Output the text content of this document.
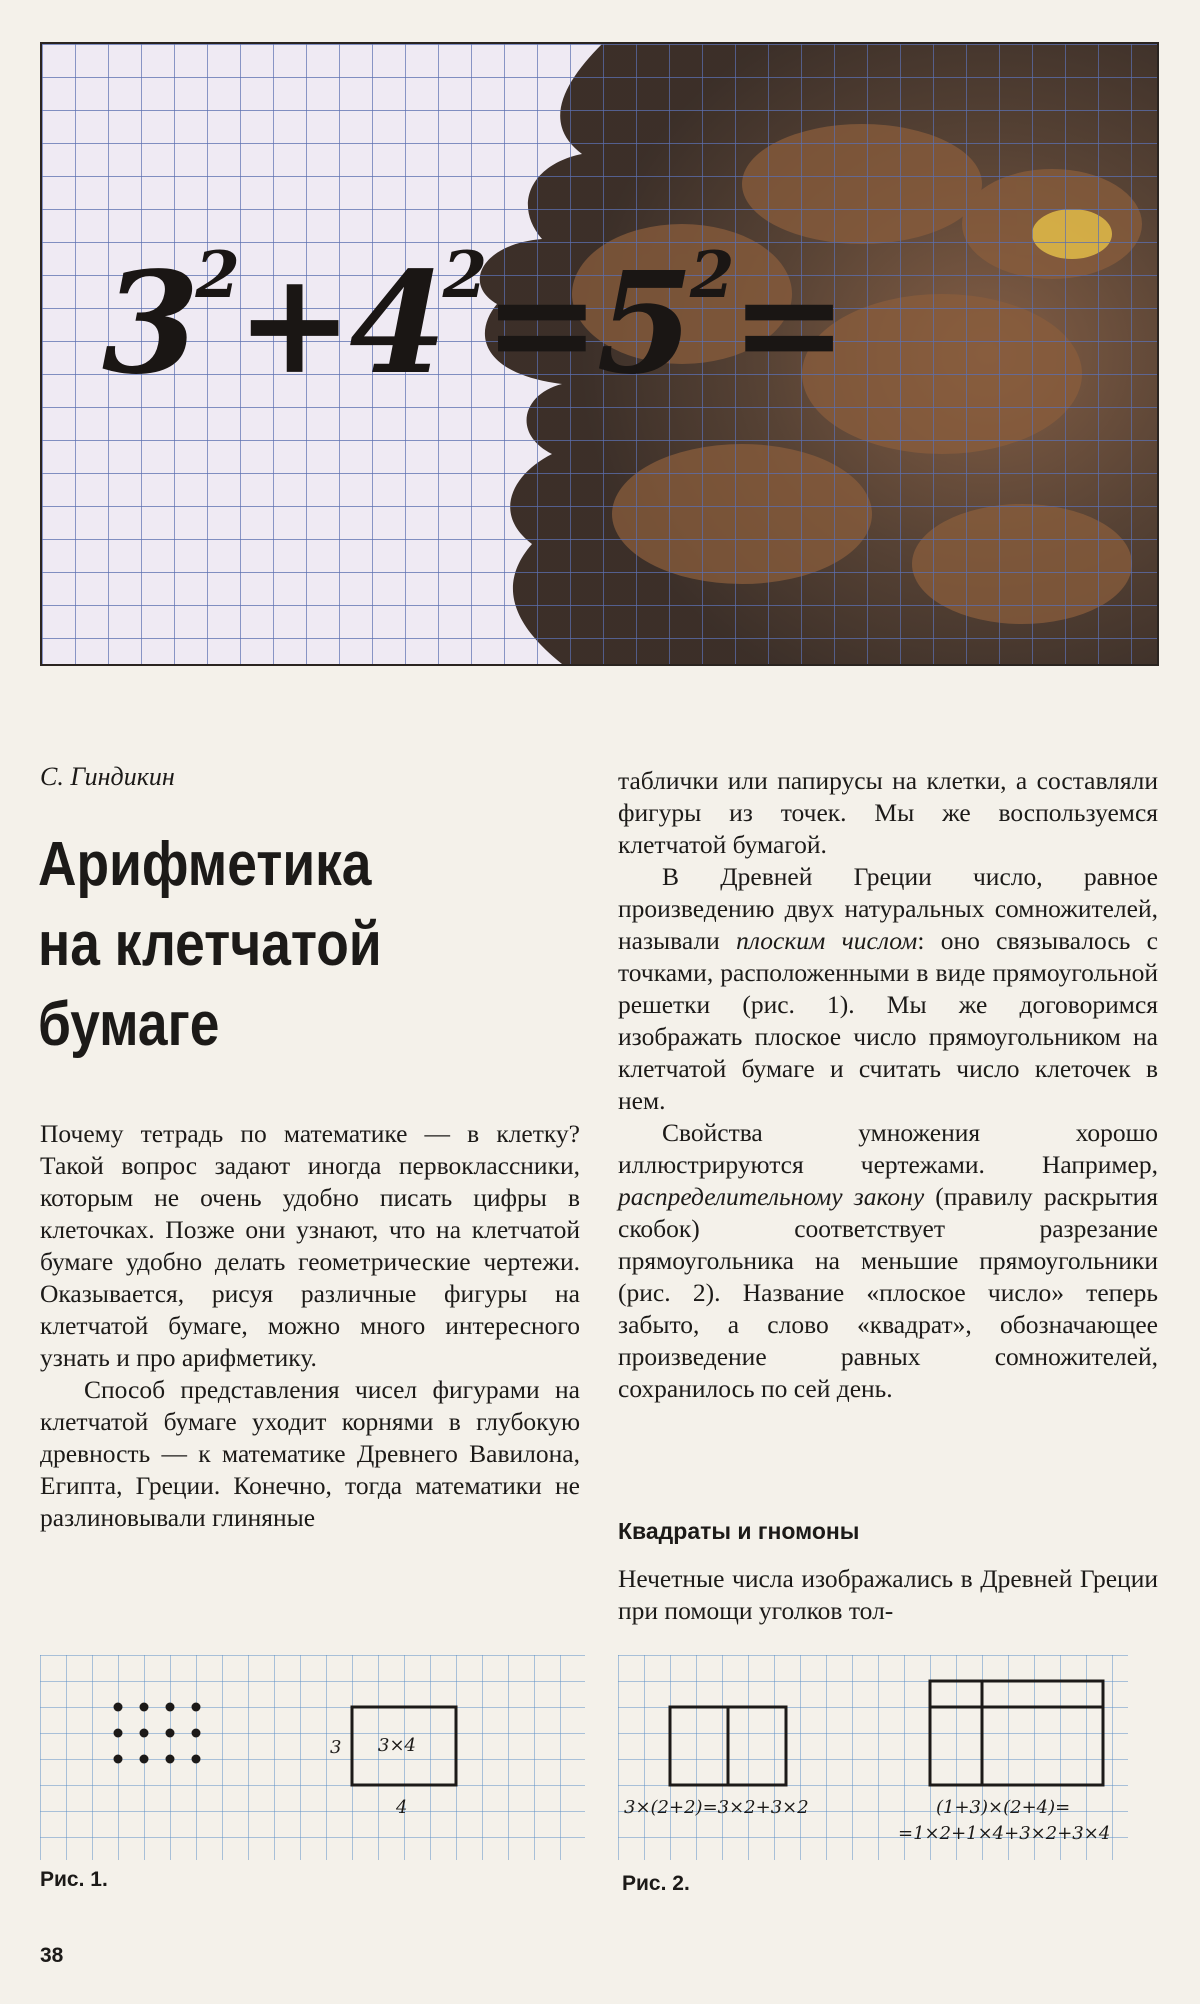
$3^2+4^2=5^2=$
С. Гиндикин
Арифметика
на клетчатой
бумаге

Почему тетрадь по математике — в клетку? Такой вопрос задают иногда первоклассники, которым не очень удобно писать цифры в клеточках. Позже они узнают, что на клетчатой бумаге удобно делать геометрические чертежи. Оказывается, рисуя различные фигуры на клетчатой бумаге, можно много интересного узнать и про арифметику.

Способ представления чисел фигурами на клетчатой бумаге уходит корнями в глубокую древность — к математике Древнего Вавилона, Египта, Греции. Конечно, тогда математики не разлиновывали глиняные

таблички или папирусы на клетки, а составляли фигуры из точек. Мы же воспользуемся клетчатой бумагой.

В Древней Греции число, равное произведению двух натуральных сомножителей, называли плоским числом: оно связывалось с точками, расположенными в виде прямоугольной решетки (рис. 1). Мы же договоримся изображать плоское число прямоугольником на клетчатой бумаге и считать число клеточек в нем.

Свойства умножения хорошо иллюстрируются чертежами. Например, распределительному закону (правилу раскрытия скобок) соответствует разрезание прямоугольника на меньшие прямоугольники (рис. 2). Название «плоское число» теперь забыто, а слово «квадрат», обозначающее произведение равных сомножителей, сохранилось по сей день.

Квадраты и гномоны

Нечетные числа изображались в Древней Греции при помощи уголков тол-

3 3×4
4
Рис. 1.
3×(2+2)=3×2+3×2	(1+3)×(2+4)=
=1×2+1×4+3×2+3×4
Рис. 2.
38
